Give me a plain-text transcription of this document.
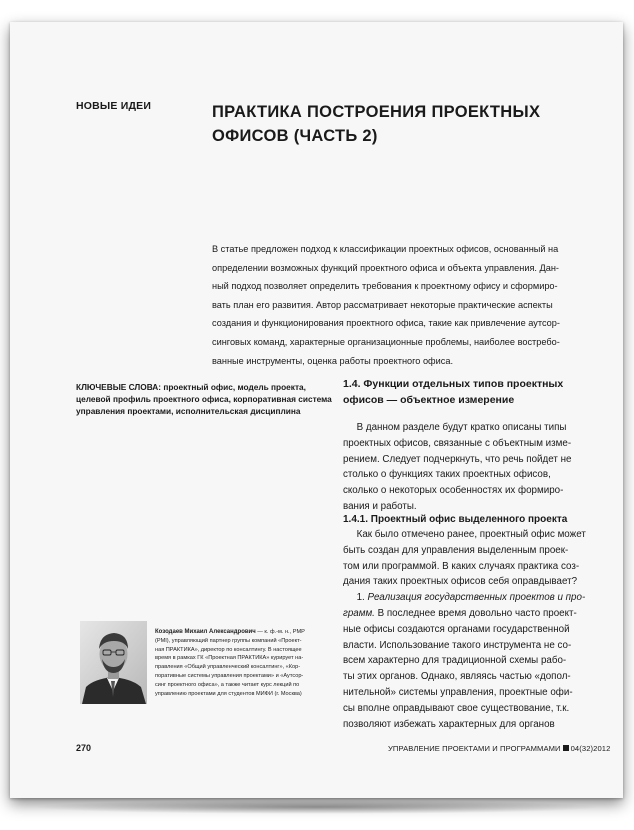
НОВЫЕ ИДЕИ	ПРАКТИКА ПОСТРОЕНИЯ ПРОЕКТНЫХ
ОФИСОВ (ЧАСТЬ 2)
В статье предложен подход к классификации проектных офисов, основанный на
определении возможных функций проектного офиса и объекта управления. Дан-
ный подход позволяет определить требования к проектному офису и сформиро-
вать план его развития. Автор рассматривает некоторые практические аспекты
создания и функционирования проектного офиса, такие как привлечение аутсор-
синговых команд, характерные организационные проблемы, наиболее востребо-
ванные инструменты, оценка работы проектного офиса.
КЛЮЧЕВЫЕ СЛОВА: проектный офис, модель проекта,
целевой профиль проектного офиса, корпоративная система
управления проектами, исполнительская дисциплина
1.4. Функции отдельных типов проектных
офисов — объектное измерение
В данном разделе будут кратко описаны типы
проектных офисов, связанные с объектным изме-
рением. Следует подчеркнуть, что речь пойдет не
столько о функциях таких проектных офисов,
сколько о некоторых особенностях их формиро-
вания и работы.
1.4.1. Проектный офис выделенного проекта
Как было отмечено ранее, проектный офис может
быть создан для управления выделенным проек-
том или программой. В каких случаях практика соз-
дания таких проектных офисов себя оправдывает?
1. Реализация государственных проектов и про-
грамм. В последнее время довольно часто проект-
ные офисы создаются органами государственной
власти. Использование такого инструмента не со-
всем характерно для традиционной схемы рабо-
ты этих органов. Однако, являясь частью «допол-
нительной» системы управления, проектные офи-
сы вполне оправдывают свое существование, т.к.
позволяют избежать характерных для органов
Козодаев Михаил Александрович — к. ф.-м. н., PMP
(PMI), управляющий партнер группы компаний «Проект-
ная ПРАКТИКА», директор по консалтингу. В настоящее
время в рамках ГК «Проектная ПРАКТИКА» курирует на-
правления «Общий управленческий консалтинг», «Кор-
поративные системы управления проектами» и «Аутсор-
синг проектного офиса», а также читает курс лекций по
управлению проектами для студентов МИФИ (г. Москва)
270	УПРАВЛЕНИЕ ПРОЕКТАМИ И ПРОГРАММАМИ 04(32)2012
